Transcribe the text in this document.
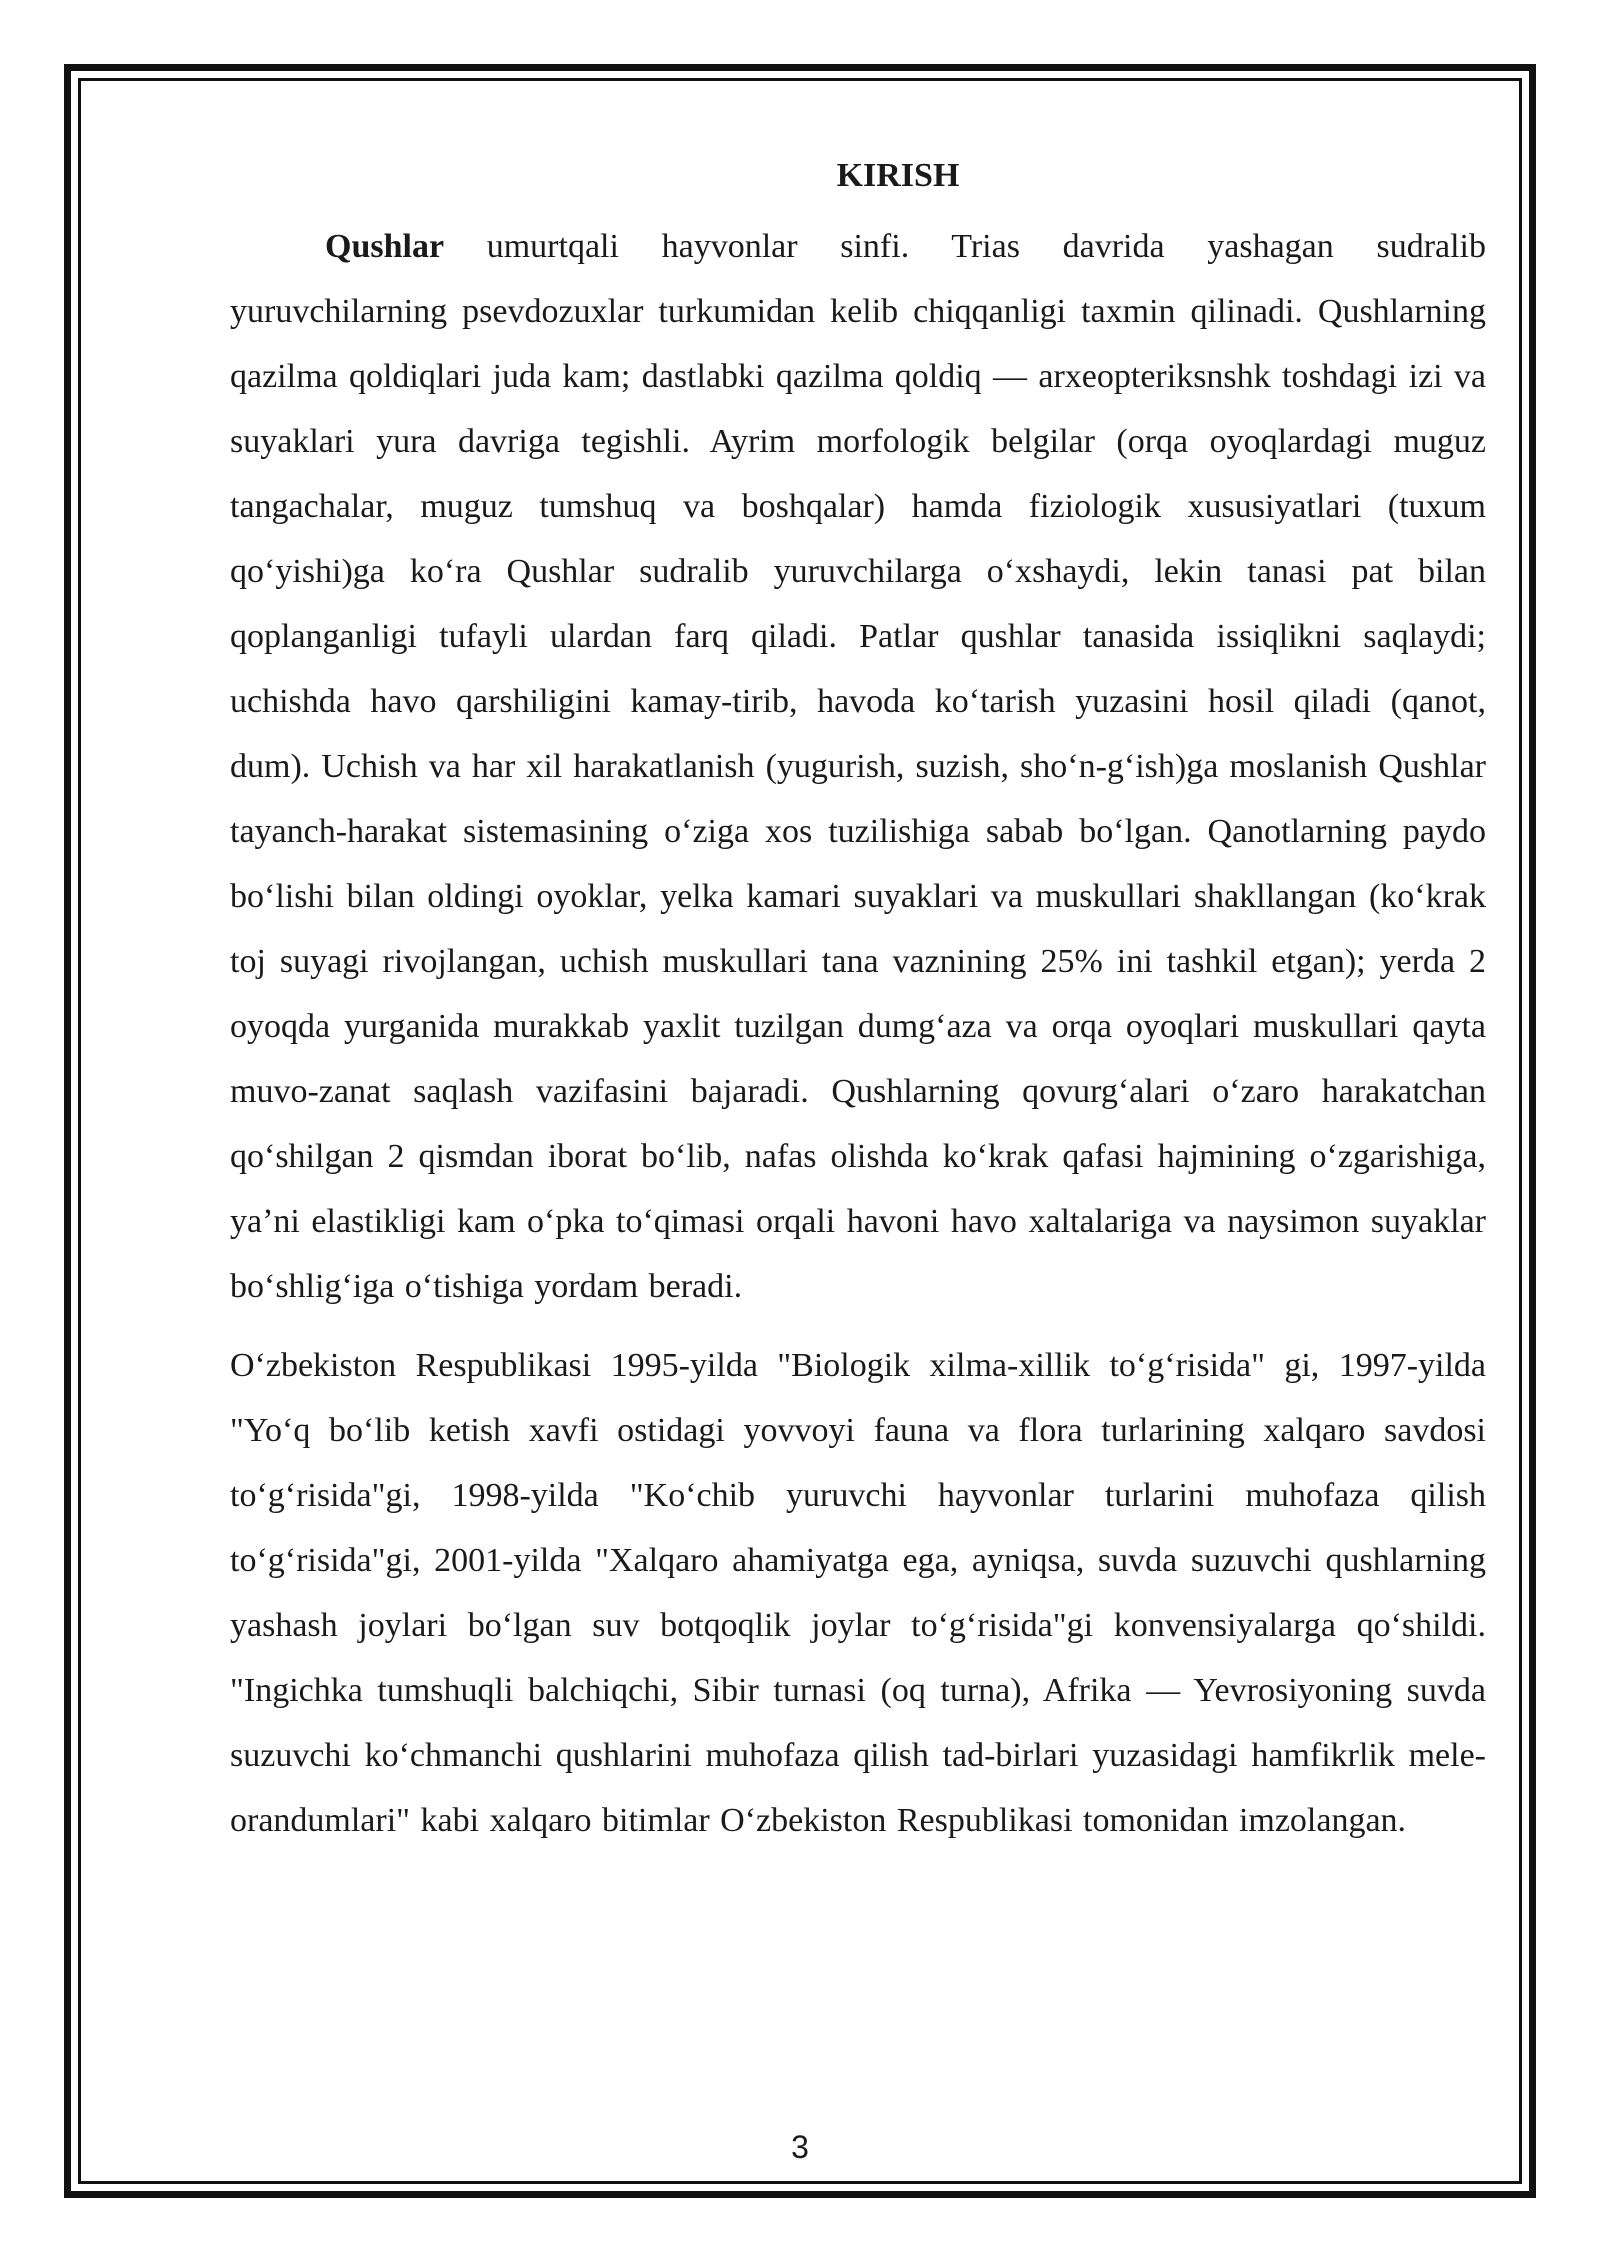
KIRISH

Qushlar umurtqali hayvonlar sinfi. Trias davrida yashagan sudralib yuruvchilarning psevdozuxlar turkumidan kelib chiqqanligi taxmin qilinadi. Qushlarning qazilma qoldiqlari juda kam; dastlabki qazilma qoldiq — arxeopteriksnshk toshdagi izi va suyaklari yura davriga tegishli. Ayrim morfologik belgilar (orqa oyoqlardagi muguz tangachalar, muguz tumshuq va boshqalar) hamda fiziologik xususiyatlari (tuxum qoʻyishi)ga koʻra Qushlar sudralib yuruvchilarga oʻxshaydi, lekin tanasi pat bilan qoplanganligi tufayli ulardan farq qiladi. Patlar qushlar tanasida issiqlikni saqlaydi; uchishda havo qarshiligini kamay-tirib, havoda koʻtarish yuzasini hosil qiladi (qanot, dum). Uchish va har xil harakatlanish (yugurish, suzish, shoʻn-gʻish)ga moslanish Qushlar tayanch-harakat sistemasining oʻziga xos tuzilishiga sabab boʻlgan. Qanotlarning paydo boʻlishi bilan oldingi oyoklar, yelka kamari suyaklari va muskullari shakllangan (koʻkrak toj suyagi rivojlangan, uchish muskullari tana vaznining 25% ini tashkil etgan); yerda 2 oyoqda yurganida murakkab yaxlit tuzilgan dumgʻaza va orqa oyoqlari muskullari qayta muvo-zanat saqlash vazifasini bajaradi. Qushlarning qovurgʻalari oʻzaro harakatchan qoʻshilgan 2 qismdan iborat boʻlib, nafas olishda koʻkrak qafasi hajmining oʻzgarishiga, yaʼni elastikligi kam oʻpka toʻqimasi orqali havoni havo xaltalariga va naysimon suyaklar boʻshligʻiga oʻtishiga yordam beradi.

Oʻzbekiston Respublikasi 1995-yilda "Biologik xilma-xillik toʻgʻrisida" gi, 1997-yilda "Yoʻq boʻlib ketish xavfi ostidagi yovvoyi fauna va flora turlarining xalqaro savdosi toʻgʻrisida"gi, 1998-yilda "Koʻchib yuruvchi hayvonlar turlarini muhofaza qilish toʻgʻrisida"gi, 2001-yilda "Xalqaro ahamiyatga ega, ayniqsa, suvda suzuvchi qushlarning yashash joylari boʻlgan suv botqoqlik joylar toʻgʻrisida"gi konvensiyalarga qoʻshildi. "Ingichka tumshuqli balchiqchi, Sibir turnasi (oq turna), Afrika — Yevrosiyoning suvda suzuvchi koʻchmanchi qushlarini muhofaza qilish tad-birlari yuzasidagi hamfikrlik mele-orandumlari" kabi xalqaro bitimlar Oʻzbekiston Respublikasi tomonidan imzolangan.

3
